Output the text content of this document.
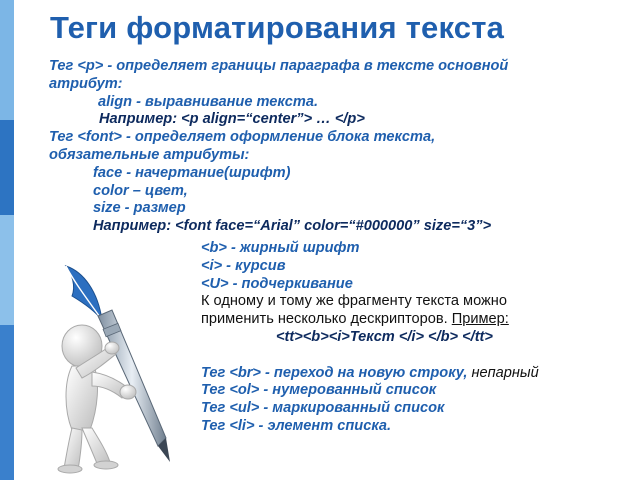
Теги форматирования текста
Тег <p> - определяет границы параграфа в тексте основной
атрибут:
align - выравнивание текста.
Например: <p align=“center”> … </p>
Тег <font> - определяет оформление блока текста,
обязательные атрибуты:
face - начертание(шрифт)
color – цвет,
size - размер
Например: <font face=“Arial” color=“#000000” size=“3”>
<b> - жирный шрифт
<i> - курсив
<U> - подчеркивание
К одному и тому же фрагменту текста можно
применить несколько дескрипторов. Пример:
<tt><b><i>Текст </i> </b> </tt>
Тег <br> - переход на новую строку, непарный
Тег <ol> - нумерованный список
Тег <ul> - маркированный список
Тег <li> - элемент списка.
